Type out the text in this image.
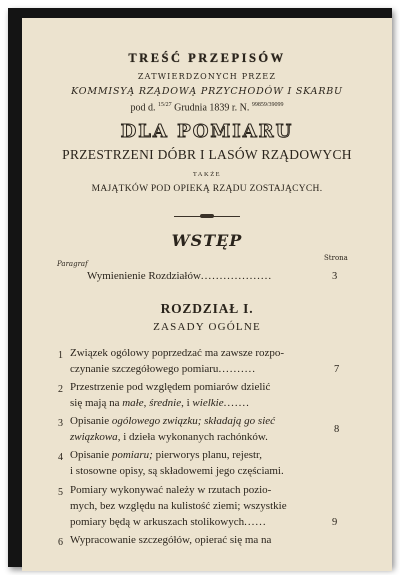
TREŚĆ PRZEPISÓW
ZATWIERDZONYCH PRZEZ
KOMMISYĄ RZĄDOWĄ PRZYCHODÓW I SKARBU
pod d. $^{15/27}$ Grudnia 1839 r. N. $^{99859/39099}$
DLA POMIARU
PRZESTRZENI DÓBR I LASÓW RZĄDOWYCH
TAKŻE
MAJĄTKÓW POD OPIEKĄ RZĄDU ZOSTAJĄCYCH.
WSTĘP
Paragraf
Strona
Wymienienie Rozdziałów...................	3
ROZDZIAŁ I.
ZASADY OGÓLNE
1 Związek ogólowy poprzedzać ma zawsze rozpo-
czynanie szczegółowego pomiaru..........	7
2 Przestrzenie pod względem pomiarów dzielić
się mają na małe, średnie, i wielkie.......
3 Opisanie ogólowego związku; składają go sieć
związkowa, i dzieła wykonanych rachónków.
8
4 Opisanie pomiaru; pierworys planu, rejestr,
i stosowne opisy, są składowemi jego częściami.
5 Pomiary wykonywać należy w rzutach pozio-
mych, bez względu na kulistość ziemi; wszystkie
pomiary będą w arkuszach stolikowych......	9
6 Wypracowanie szczegółów, opierać się ma na
